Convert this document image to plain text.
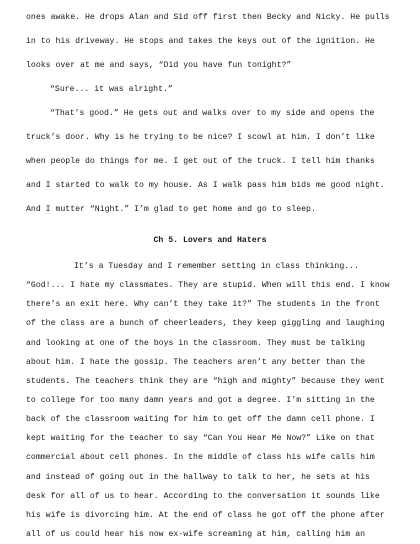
ones awake. He drops Alan and Sid off first then Becky and Nicky. He pulls
in to his driveway. He stops and takes the keys out of the ignition. He
looks over at me and says, “Did you have fun tonight?”
“Sure... it was alright.”
“That’s good.” He gets out and walks over to my side and opens the
truck’s door. Why is he trying to be nice? I scowl at him. I don’t like
when people do things for me. I get out of the truck. I tell him thanks
and I started to walk to my house. As I walk pass him bids me good night.
And I mutter “Night.” I’m glad to get home and go to sleep.
Ch 5. Lovers and Haters
It’s a Tuesday and I remember setting in class thinking...
“God!... I hate my classmates. They are stupid. When will this end. I know
there’s an exit here. Why can’t they take it?” The students in the front
of the class are a bunch of cheerleaders, they keep giggling and laughing
and looking at one of the boys in the classroom. They must be talking
about him. I hate the gossip. The teachers aren’t any better than the
students. The teachers think they are “high and mighty” because they went
to college for too many damn years and got a degree. I’m sitting in the
back of the classroom waiting for him to get off the damn cell phone. I
kept waiting for the teacher to say “Can You Hear Me Now?” Like on that
commercial about cell phones. In the middle of class his wife calls him
and instead of going out in the hallway to talk to her, he sets at his
desk for all of us to hear. According to the conversation it sounds like
his wife is divorcing him. At the end of class he got off the phone after
all of us could hear his now ex-wife screaming at him, calling him an
